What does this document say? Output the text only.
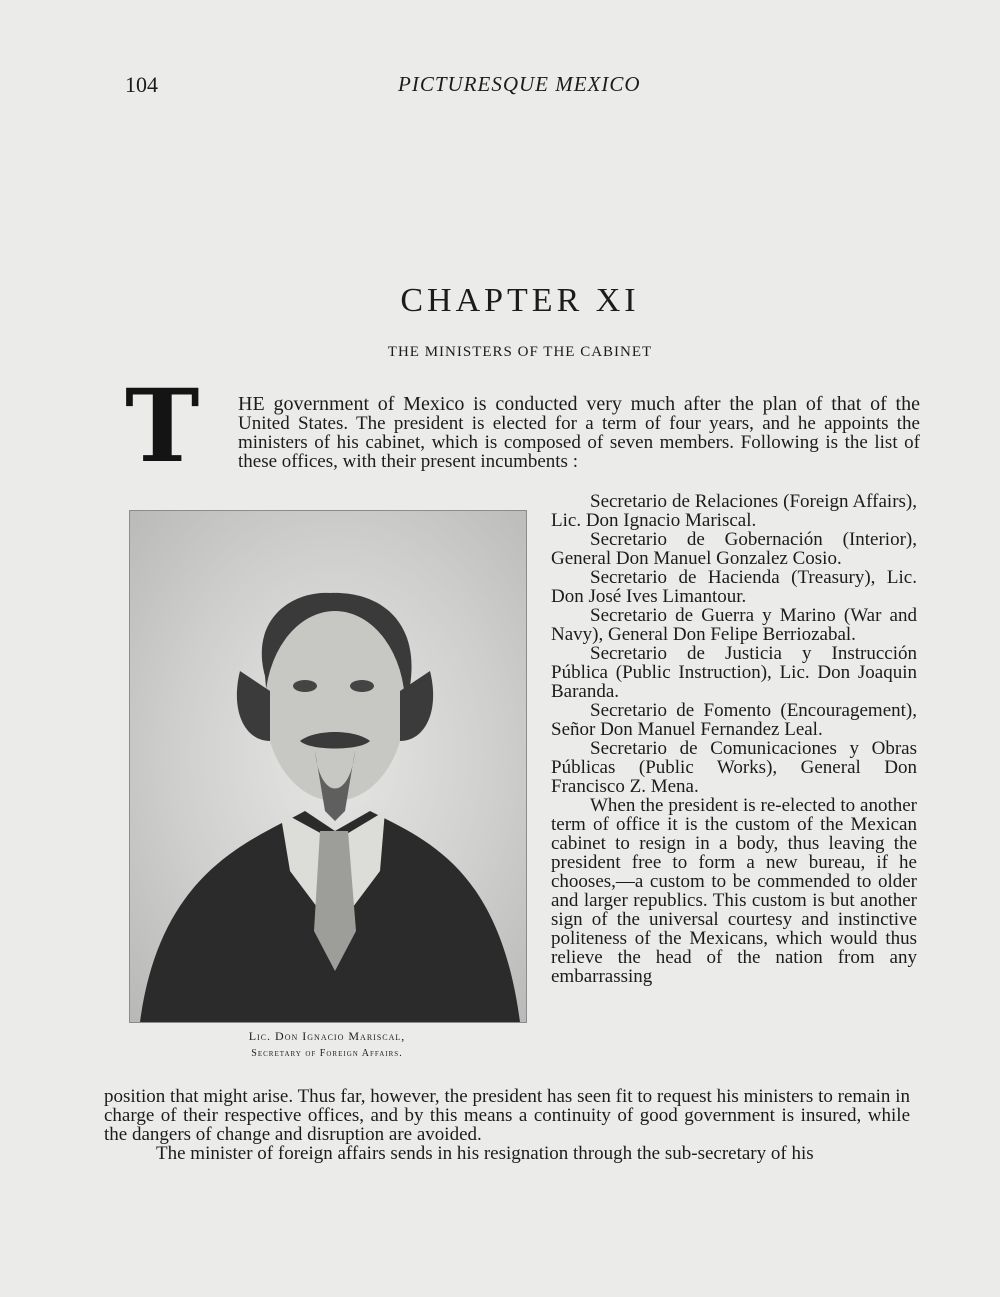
104	PICTURESQUE MEXICO
CHAPTER XI
THE MINISTERS OF THE CABINET
T	HE government of Mexico is conducted very much after the plan of that of the United States. The president is elected for a term of four years, and he appoints the ministers of his cabinet, which is composed of seven members. Following is the list of these offices, with their present incumbents :
Lic. Don Ignacio Mariscal,
Secretary of Foreign Affairs.

Secretario de Relaciones (Foreign Affairs), Lic. Don Ignacio Mariscal.

Secretario de Gobernación (Interior), General Don Manuel Gonzalez Cosio.

Secretario de Hacienda (Treasury), Lic. Don José Ives Limantour.

Secretario de Guerra y Marino (War and Navy), General Don Felipe Berriozabal.

Secretario de Justicia y Instrucción Pública (Public Instruction), Lic. Don Joaquin Baranda.

Secretario de Fomento (Encouragement), Señor Don Manuel Fernandez Leal.

Secretario de Comunicaciones y Obras Públicas (Public Works), General Don Francisco Z. Mena.

When the president is re-elected to another term of office it is the custom of the Mexican cabinet to resign in a body, thus leaving the president free to form a new bureau, if he chooses,—a custom to be commended to older and larger republics. This custom is but another sign of the universal courtesy and instinctive politeness of the Mexicans, which would thus relieve the head of the nation from any embarrassing

position that might arise. Thus far, however, the president has seen fit to request his ministers to remain in charge of their respective offices, and by this means a continuity of good government is insured, while the dangers of change and disruption are avoided.

The minister of foreign affairs sends in his resignation through the sub-secretary of his
